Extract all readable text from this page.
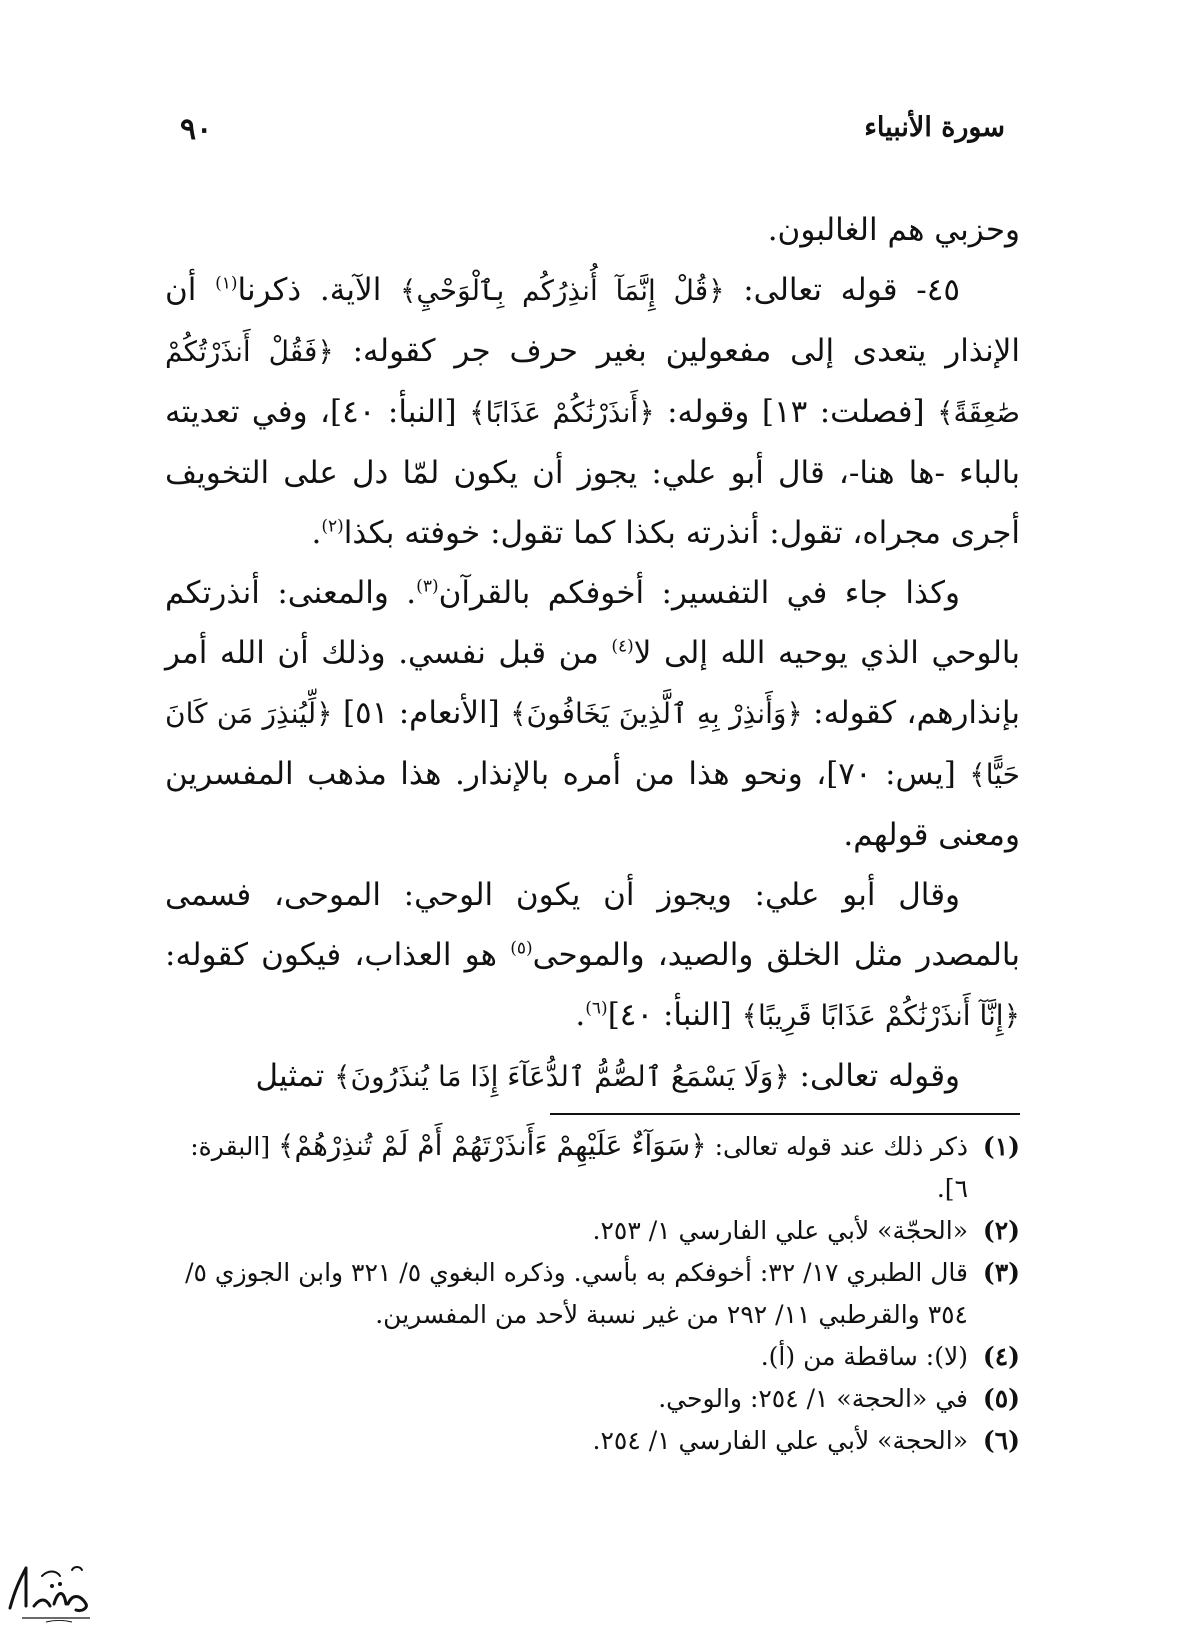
سورة الأنبياء
٩٠

وحزبي هم الغالبون.

٤٥- قوله تعالى: ﴿قُلْ إِنَّمَآ أُنذِرُكُم بِٱلْوَحْيِ﴾ الآية. ذكرنا$^{(١)}$ أن الإنذار يتعدى إلى مفعولين بغير حرف جر كقوله: ﴿فَقُلْ أَنذَرْتُكُمْ صَٰعِقَةً﴾ [فصلت: ١٣] وقوله: ﴿أَنذَرْنَٰكُمْ عَذَابًا﴾ [النبأ: ٤٠]، وفي تعديته بالباء -ها هنا-، قال أبو علي: يجوز أن يكون لمّا دل على التخويف أجرى مجراه، تقول: أنذرته بكذا كما تقول: خوفته بكذا$^{(٢)}$.

وكذا جاء في التفسير: أخوفكم بالقرآن$^{(٣)}$. والمعنى: أنذرتكم بالوحي الذي يوحيه الله إلى لا$^{(٤)}$ من قبل نفسي. وذلك أن الله أمر بإنذارهم، كقوله: ﴿وَأَنذِرْ بِهِ ٱلَّذِينَ يَخَافُونَ﴾ [الأنعام: ٥١] ﴿لِّيُنذِرَ مَن كَانَ حَيًّا﴾ [يس: ٧٠]، ونحو هذا من أمره بالإنذار. هذا مذهب المفسرين ومعنى قولهم.

وقال أبو علي: ويجوز أن يكون الوحي: الموحى، فسمى بالمصدر مثل الخلق والصيد، والموحى$^{(٥)}$ هو العذاب، فيكون كقوله: ﴿إِنَّآ أَنذَرْنَٰكُمْ عَذَابًا قَرِيبًا﴾ [النبأ: ٤٠]$^{(٦)}$.

وقوله تعالى: ﴿وَلَا يَسْمَعُ ٱلصُّمُّ ٱلدُّعَآءَ إِذَا مَا يُنذَرُونَ﴾ تمثيل

(١)ذكر ذلك عند قوله تعالى: ﴿سَوَآءٌ عَلَيْهِمْ ءَأَنذَرْتَهُمْ أَمْ لَمْ تُنذِرْهُمْ﴾ [البقرة: ٦].

(٢)«الحجّة» لأبي علي الفارسي ١/ ٢٥٣.

(٣)قال الطبري ١٧/ ٣٢: أخوفكم به بأسي. وذكره البغوي ٥/ ٣٢١ وابن الجوزي ٥/ ٣٥٤ والقرطبي ١١/ ٢٩٢ من غير نسبة لأحد من المفسرين.

(٤)(لا): ساقطة من (أ).

(٥)في «الحجة» ١/ ٢٥٤: والوحي.

(٦)«الحجة» لأبي علي الفارسي ١/ ٢٥٤.
